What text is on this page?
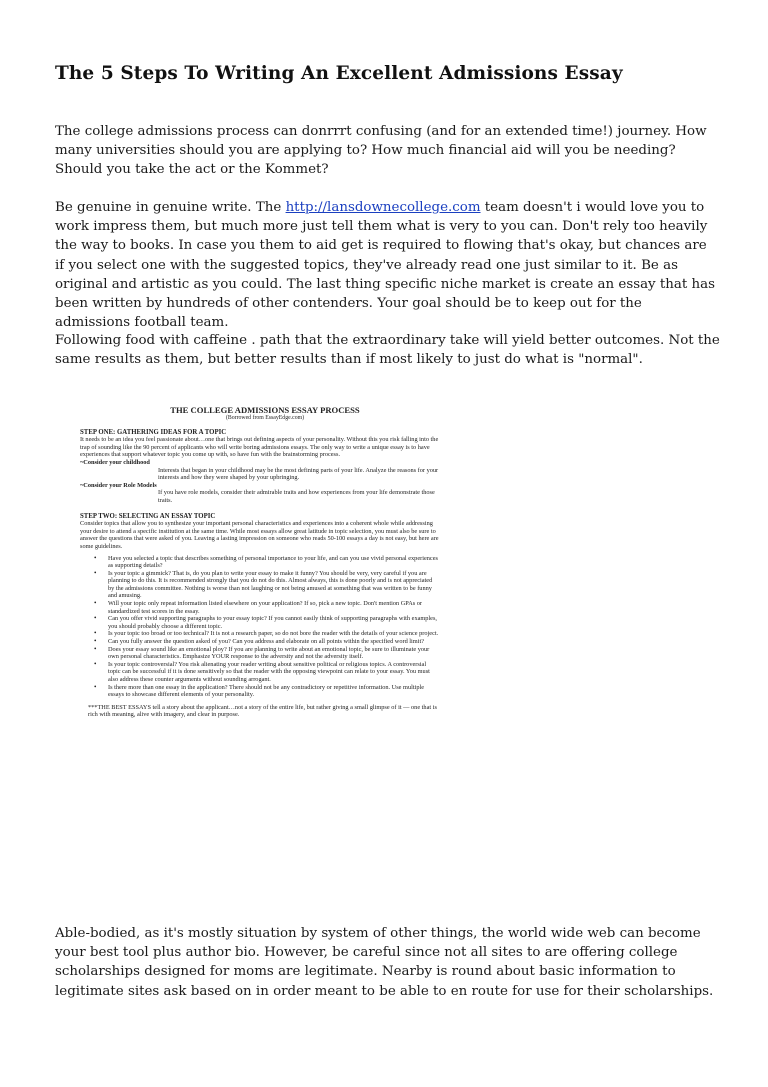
The 5 Steps To Writing An Excellent Admissions Essay

The college admissions process can donrrrt confusing (and for an extended time!) journey. How many universities should you are applying to? How much financial aid will you be needing? Should you take the act or the Kommet?

Be genuine in genuine write. The http://lansdownecollege.com team doesn't i would love you to work impress them, but much more just tell them what is very to you can. Don't rely too heavily the way to books. In case you them to aid get is required to flowing that's okay, but chances are if you select one with the suggested topics, they've already read one just similar to it. Be as original and artistic as you could. The last thing specific niche market is create an essay that has been written by hundreds of other contenders. Your goal should be to keep out for the admissions football team.

Following food with caffeine . path that the extraordinary take will yield better outcomes. Not the same results as them, but better results than if most likely to just do what is "normal".

THE COLLEGE ADMISSIONS ESSAY PROCESS
(Borrowed from EssayEdge.com)
STEP ONE: GATHERING IDEAS FOR A TOPIC

It needs to be an idea you feel passionate about…one that brings out defining aspects of your personality. Without this you risk falling into the trap of sounding like the 90 percent of applicants who will write boring admissions essays. The only way to write a unique essay is to have experiences that support whatever topic you come up with, so have fun with the brainstorming process.

~Consider your childhood

Interests that began in your childhood may be the most defining parts of your life. Analyze the reasons for your interests and how they were shaped by your upbringing.

~Consider your Role Models

If you have role models, consider their admirable traits and how experiences from your life demonstrate those traits.

STEP TWO: SELECTING AN ESSAY TOPIC

Consider topics that allow you to synthesize your important personal characteristics and experiences into a coherent whole while addressing your desire to attend a specific institution at the same time. While most essays allow great latitude in topic selection, you must also be sure to answer the questions that were asked of you. Leaving a lasting impression on someone who reads 50-100 essays a day is not easy, but here are some guidelines.

• Have you selected a topic that describes something of personal importance to your life, and can you use vivid personal experiences as supporting details?
• Is your topic a gimmick? That is, do you plan to write your essay to make it funny? You should be very, very careful if you are planning to do this. It is recommended strongly that you do not do this. Almost always, this is done poorly and is not appreciated by the admissions committee. Nothing is worse than not laughing or not being amused at something that was written to be funny and amusing.
• Will your topic only repeat information listed elsewhere on your application? If so, pick a new topic. Don't mention GPAs or standardized test scores in the essay.
• Can you offer vivid supporting paragraphs to your essay topic? If you cannot easily think of supporting paragraphs with examples, you should probably choose a different topic.
• Is your topic too broad or too technical? It is not a research paper, so do not bore the reader with the details of your science project.
• Can you fully answer the question asked of you? Can you address and elaborate on all points within the specified word limit?
• Does your essay sound like an emotional ploy? If you are planning to write about an emotional topic, be sure to illuminate your own personal characteristics. Emphasize YOUR response to the adversity and not the adversity itself.
• Is your topic controversial? You risk alienating your reader writing about sensitive political or religious topics. A controversial topic can be successful if it is done sensitively so that the reader with the opposing viewpoint can relate to your essay. You must also address these counter arguments without sounding arrogant.
• Is there more than one essay in the application? There should not be any contradictory or repetitive information. Use multiple essays to showcase different elements of your personality.

***THE BEST ESSAYS tell a story about the applicant…not a story of the entire life, but rather giving a small glimpse of it — one that is rich with meaning, alive with imagery, and clear in purpose.

Able-bodied, as it's mostly situation by system of other things, the world wide web can become your best tool plus author bio. However, be careful since not all sites to are offering college scholarships designed for moms are legitimate. Nearby is round about basic information to legitimate sites ask based on in order meant to be able to en route for use for their scholarships.
